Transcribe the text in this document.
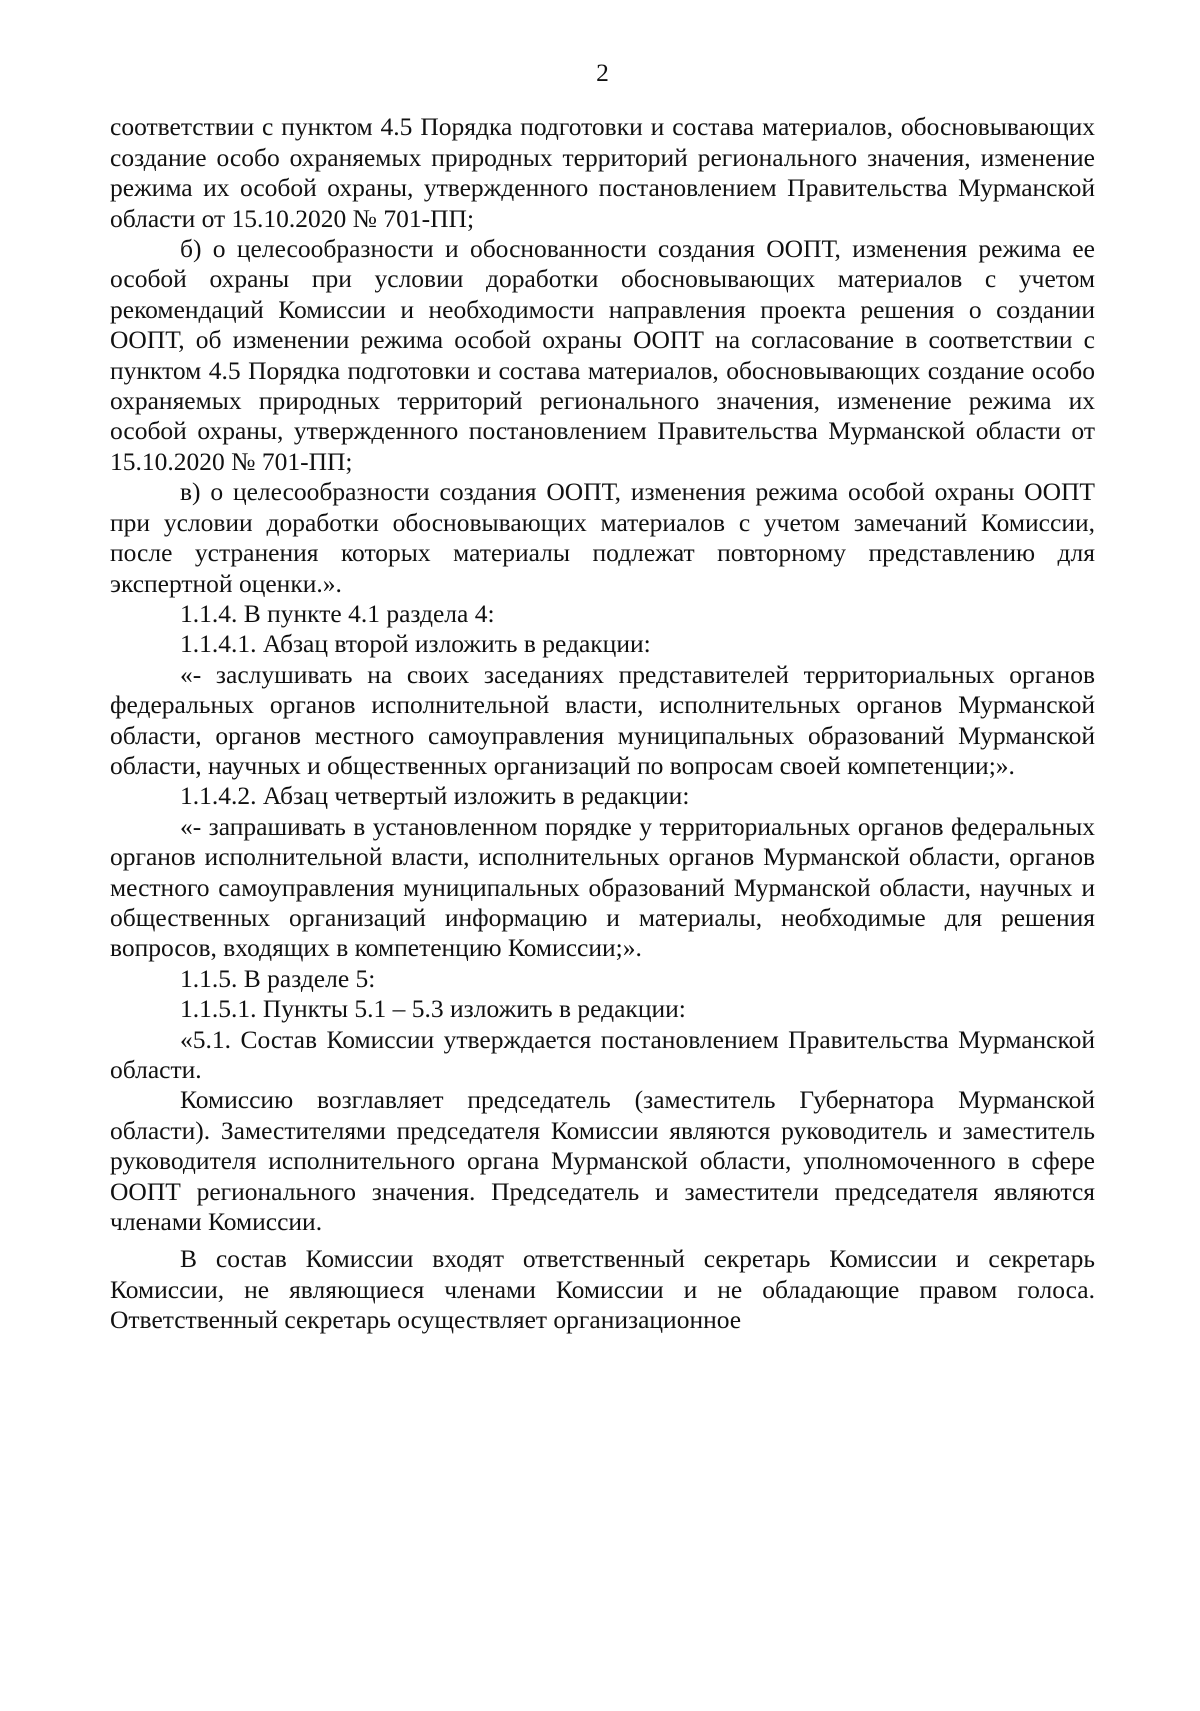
2

соответствии с пунктом 4.5 Порядка подготовки и состава материалов, обосновывающих создание особо охраняемых природных территорий регионального значения, изменение режима их особой охраны, утвержденного постановлением Правительства Мурманской области от 15.10.2020 № 701-ПП;

б) о целесообразности и обоснованности создания ООПТ, изменения режима ее особой охраны при условии доработки обосновывающих материалов с учетом рекомендаций Комиссии и необходимости направления проекта решения о создании ООПТ, об изменении режима особой охраны ООПТ на согласование в соответствии с пунктом 4.5 Порядка подготовки и состава материалов, обосновывающих создание особо охраняемых природных территорий регионального значения, изменение режима их особой охраны, утвержденного постановлением Правительства Мурманской области от 15.10.2020 № 701-ПП;

в) о целесообразности создания ООПТ, изменения режима особой охраны ООПТ при условии доработки обосновывающих материалов с учетом замечаний Комиссии, после устранения которых материалы подлежат повторному представлению для экспертной оценки.».

1.1.4. В пункте 4.1 раздела 4:

1.1.4.1. Абзац второй изложить в редакции:

«- заслушивать на своих заседаниях представителей территориальных органов федеральных органов исполнительной власти, исполнительных органов Мурманской области, органов местного самоуправления муниципальных образований Мурманской области, научных и общественных организаций по вопросам своей компетенции;».

1.1.4.2. Абзац четвертый изложить в редакции:

«- запрашивать в установленном порядке у территориальных органов федеральных органов исполнительной власти, исполнительных органов Мурманской области, органов местного самоуправления муниципальных образований Мурманской области, научных и общественных организаций информацию и материалы, необходимые для решения вопросов, входящих в компетенцию Комиссии;».

1.1.5. В разделе 5:

1.1.5.1. Пункты 5.1 – 5.3 изложить в редакции:

«5.1. Состав Комиссии утверждается постановлением Правительства Мурманской области.

Комиссию возглавляет председатель (заместитель Губернатора Мурманской области). Заместителями председателя Комиссии являются руководитель и заместитель руководителя исполнительного органа Мурманской области, уполномоченного в сфере ООПТ регионального значения. Председатель и заместители председателя являются членами Комиссии.

В состав Комиссии входят ответственный секретарь Комиссии и секретарь Комиссии, не являющиеся членами Комиссии и не обладающие правом голоса. Ответственный секретарь осуществляет организационное
